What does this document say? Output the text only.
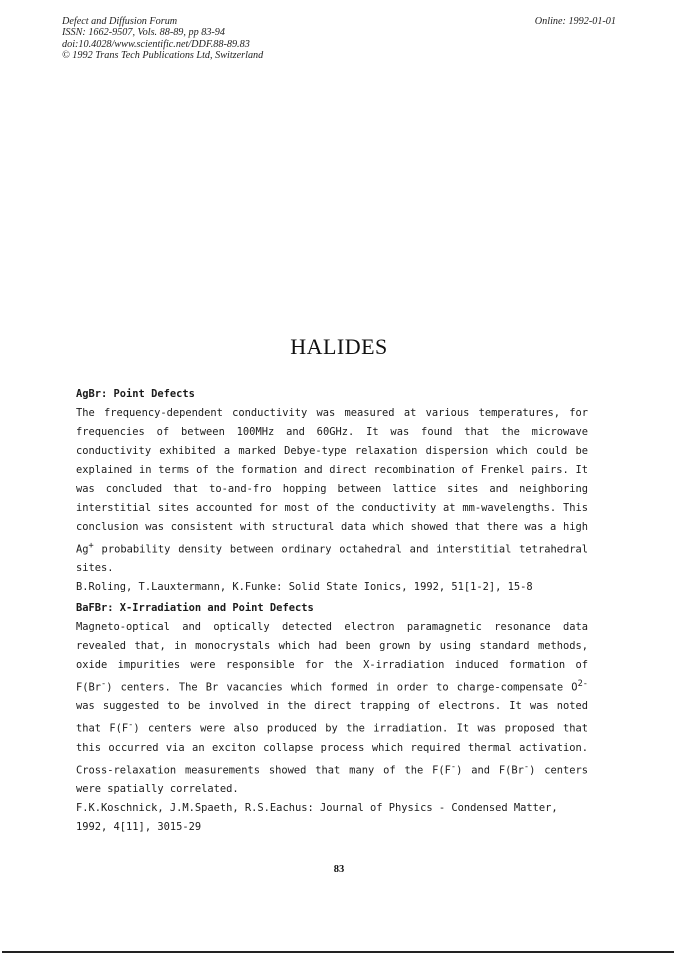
Defect and Diffusion Forum
ISSN: 1662-9507, Vols. 88-89, pp 83-94
doi:10.4028/www.scientific.net/DDF.88-89.83
© 1992 Trans Tech Publications Ltd, Switzerland
Online: 1992-01-01
HALIDES
AgBr: Point Defects
The frequency-dependent conductivity was measured at various temperatures, for frequencies of between 100MHz and 60GHz. It was found that the microwave conductivity exhibited a marked Debye-type relaxation dispersion which could be explained in terms of the formation and direct recombination of Frenkel pairs. It was concluded that to-and-fro hopping between lattice sites and neighboring interstitial sites accounted for most of the conductivity at mm-wavelengths. This conclusion was consistent with structural data which showed that there was a high Ag+ probability density between ordinary octahedral and interstitial tetrahedral sites.
B.Roling, T.Lauxtermann, K.Funke: Solid State Ionics, 1992, 51[1-2], 15-8
BaFBr: X-Irradiation and Point Defects
Magneto-optical and optically detected electron paramagnetic resonance data revealed that, in monocrystals which had been grown by using standard methods, oxide impurities were responsible for the X-irradiation induced formation of F(Br-) centers. The Br vacancies which formed in order to charge-compensate $O^{2-}$ was suggested to be involved in the direct trapping of electrons. It was noted that F(F-) centers were also produced by the irradiation. It was proposed that this occurred via an exciton collapse process which required thermal activation. Cross-relaxation measurements showed that many of the F(F-) and F(Br-) centers were spatially correlated.
F.K.Koschnick, J.M.Spaeth, R.S.Eachus: Journal of Physics - Condensed Matter, 1992, 4[11], 3015-29
83
